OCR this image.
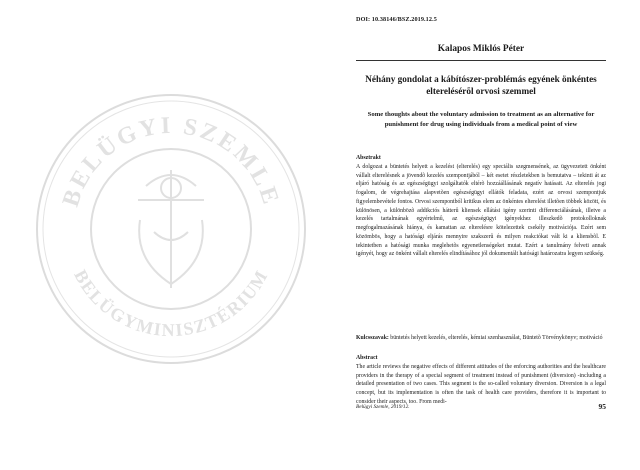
BELÜGYI SZEMLE
BELÜGYMINISZTÉRIUM
DOI: 10.38146/BSZ.2019.12.5
Kalapos Miklós Péter
Néhány gondolat a kábítószer-problémás egyének önkéntes elterelésérõl orvosi szemmel
Some thoughts about the voluntary admission to treatment as an alternative for punishment for drug using individuals from a medical point of view
Absztrakt
A dolgozat a büntetés helyett a kezelést (elterelés) egy speciális szegmensének, az ügyvezetett önként vállalt elterelésnek a jövendõ kezelés szempontjából – két esetet részletekben is bemutatva – tekinti át az eljáró hatóság és az egészségügyi szolgáltatók eltérõ hozzáállásának negatív hatásait. Az elterelés jogi fogalom, de végrehajtása alapvetõen egészségügyi ellátók feladata, ezért az orvosi szempontjuk figyelembevétele fontos. Orvosi szempontból kritikus elem az önkéntes elterelést illetõen többek között, és különösen, a különbözõ addikciós hátterû kliensek ellátási igény szerinti differenciálásának, illetve a kezelés tartalmának egyértelmû, az egészségügyi igényekhez illeszkedõ protokolloknak megfogalmazásának hiánya, és kamattan az elterelésre kötelezettek csekély motivációja. Ezért sem közömbös, hogy a hatósági eljárás mennyire szakszerû és milyen reakciókat vált ki a kliensbõl. E tekintetben a hatósági munka meglehetõs egyenetlenségeket mutat. Ezért a tanulmány felveti annak igényét, hogy az önként vállalt elterelés elindításához jól dokumentált hatósági határozatra legyen szükség.
Kulcsszavak: büntetés helyett kezelés, elterelés, kémiai szenhasználat, Büntetõ Törvénykönyv; motiváció
Abstract
The article reviews the negative effects of different attitudes of the enforcing authorities and the healthcare providers in the therapy of a special segment of treatment instead of punishment (diversion) -including a detailed presentation of two cases. This segment is the so-called voluntary diversion. Diversion is a legal concept, but its implementation is often the task of health care providers, therefore it is important to consider their aspects, too. From medi-
Belügyi Szemle, 2019/12.	95
